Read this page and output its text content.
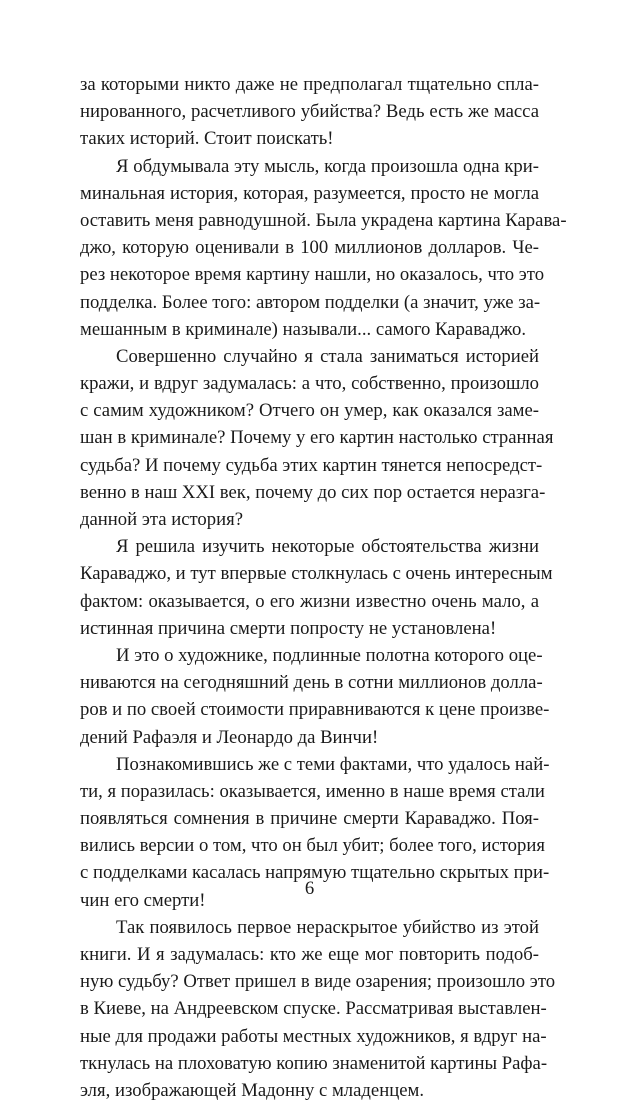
за которыми никто даже не предполагал тщательно спла-
нированного, расчетливого убийства? Ведь есть же масса
таких историй. Стоит поискать!
Я обдумывала эту мысль, когда произошла одна кри-
минальная история, которая, разумеется, просто не могла
оставить меня равнодушной. Была украдена картина Карава-
джо, которую оценивали в 100 миллионов долларов. Че-
рез некоторое время картину нашли, но оказалось, что это
подделка. Более того: автором подделки (а значит, уже за-
мешанным в криминале) называли... самого Караваджо.
Совершенно случайно я стала заниматься историей
кражи, и вдруг задумалась: а что, собственно, произошло
с самим художником? Отчего он умер, как оказался заме-
шан в криминале? Почему у его картин настолько странная
судьба? И почему судьба этих картин тянется непосредст-
венно в наш XXI век, почему до сих пор остается неразга-
данной эта история?
Я решила изучить некоторые обстоятельства жизни
Караваджо, и тут впервые столкнулась с очень интересным
фактом: оказывается, о его жизни известно очень мало, а
истинная причина смерти попросту не установлена!
И это о художнике, подлинные полотна которого оце-
ниваются на сегодняшний день в сотни миллионов долла-
ров и по своей стоимости приравниваются к цене произве-
дений Рафаэля и Леонардо да Винчи!
Познакомившись же с теми фактами, что удалось най-
ти, я поразилась: оказывается, именно в наше время стали
появляться сомнения в причине смерти Караваджо. Поя-
вились версии о том, что он был убит; более того, история
с подделками касалась напрямую тщательно скрытых при-
чин его смерти!
Так появилось первое нераскрытое убийство из этой
книги. И я задумалась: кто же еще мог повторить подоб-
ную судьбу? Ответ пришел в виде озарения; произошло это
в Киеве, на Андреевском спуске. Рассматривая выставлен-
ные для продажи работы местных художников, я вдруг на-
ткнулась на плоховатую копию знаменитой картины Рафа-
эля, изображающей Мадонну с младенцем.
6
